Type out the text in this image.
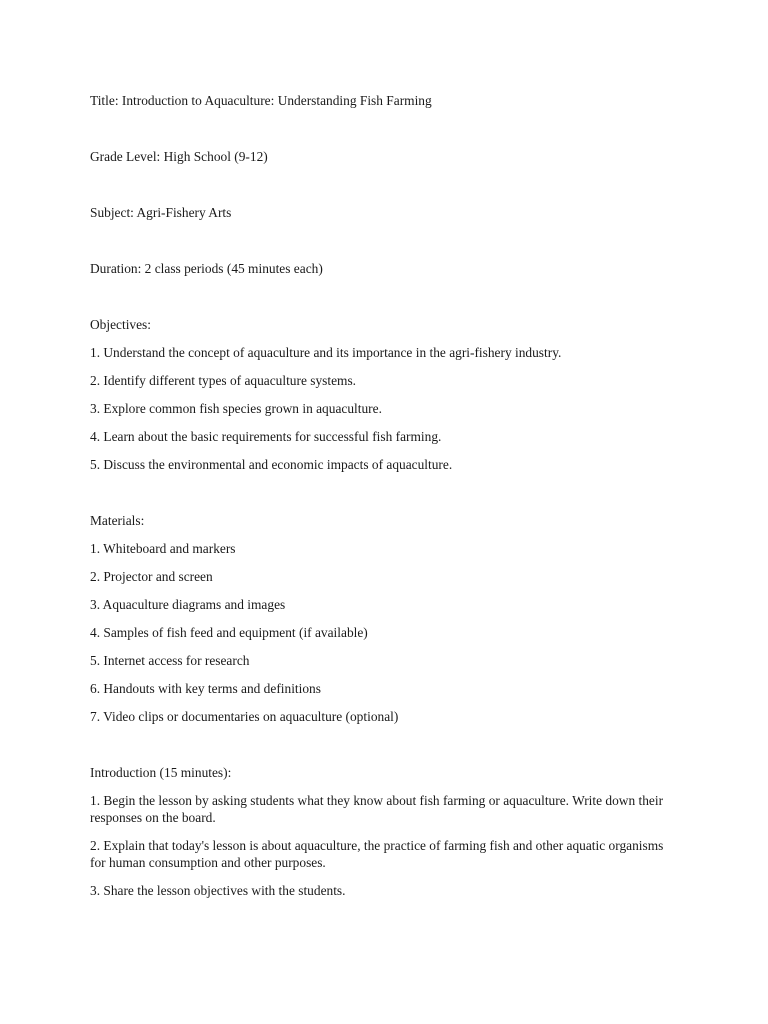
Title: Introduction to Aquaculture: Understanding Fish Farming

Grade Level: High School (9-12)

Subject: Agri-Fishery Arts

Duration: 2 class periods (45 minutes each)

Objectives:

1. Understand the concept of aquaculture and its importance in the agri-fishery industry.

2. Identify different types of aquaculture systems.

3. Explore common fish species grown in aquaculture.

4. Learn about the basic requirements for successful fish farming.

5. Discuss the environmental and economic impacts of aquaculture.

Materials:

1. Whiteboard and markers

2. Projector and screen

3. Aquaculture diagrams and images

4. Samples of fish feed and equipment (if available)

5. Internet access for research

6. Handouts with key terms and definitions

7. Video clips or documentaries on aquaculture (optional)

Introduction (15 minutes):

1. Begin the lesson by asking students what they know about fish farming or aquaculture. Write down their responses on the board.

2. Explain that today's lesson is about aquaculture, the practice of farming fish and other aquatic organisms for human consumption and other purposes.

3. Share the lesson objectives with the students.
